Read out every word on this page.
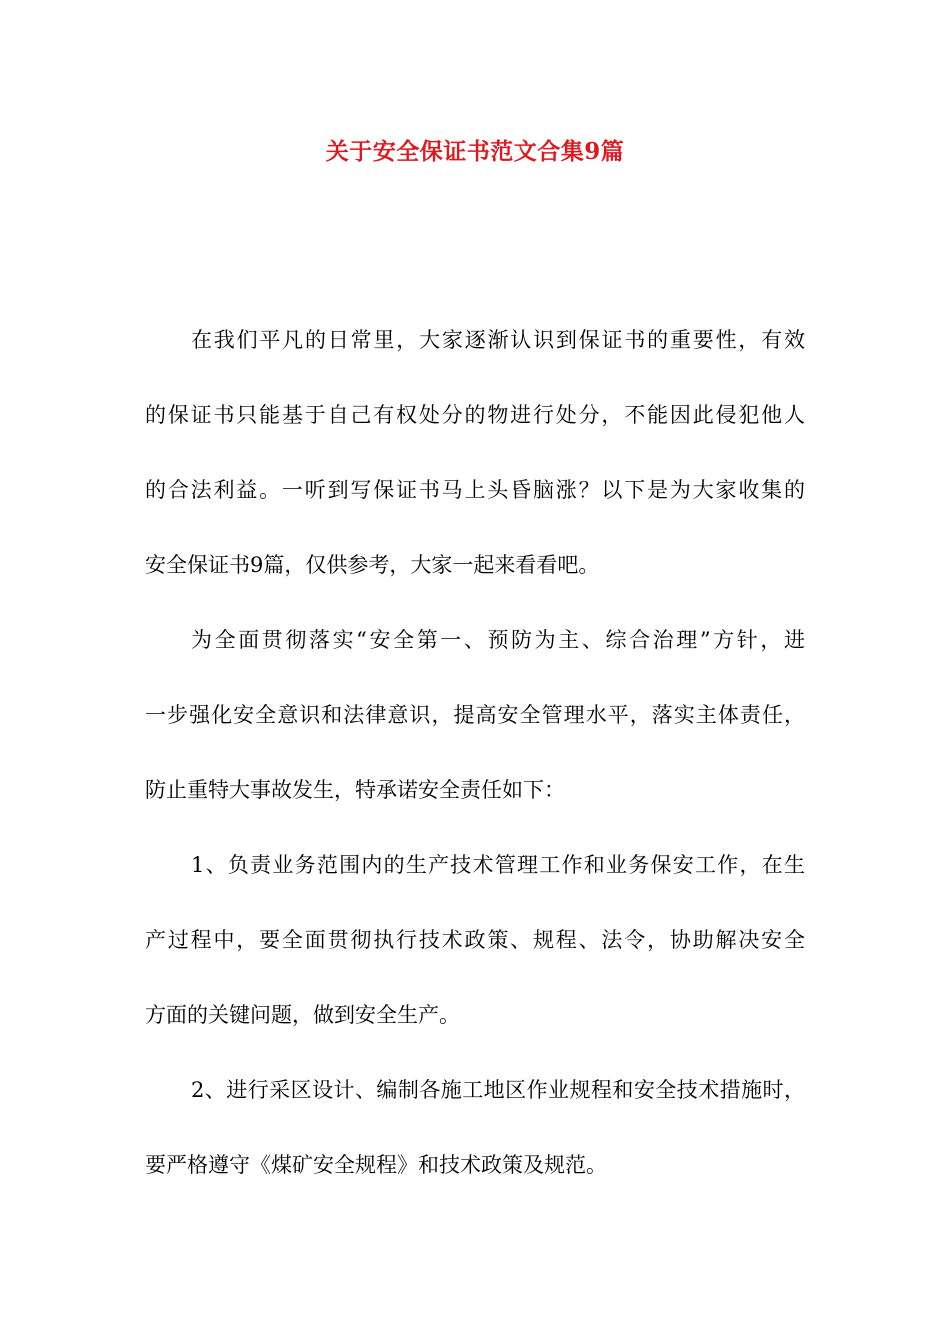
关于安全保证书范文合集9篇
在我们平凡的日常里，大家逐渐认识到保证书的重要性，有效
的保证书只能基于自己有权处分的物进行处分，不能因此侵犯他人
的合法利益。一听到写保证书马上头昏脑涨？以下是为大家收集的
安全保证书9篇，仅供参考，大家一起来看看吧。
为全面贯彻落实“安全第一、预防为主、综合治理”方针，进
一步强化安全意识和法律意识，提高安全管理水平，落实主体责任，
防止重特大事故发生，特承诺安全责任如下：
1、负责业务范围内的生产技术管理工作和业务保安工作，在生
产过程中，要全面贯彻执行技术政策、规程、法令，协助解决安全
方面的关键问题，做到安全生产。
2、进行采区设计、编制各施工地区作业规程和安全技术措施时，
要严格遵守《煤矿安全规程》和技术政策及规范。
